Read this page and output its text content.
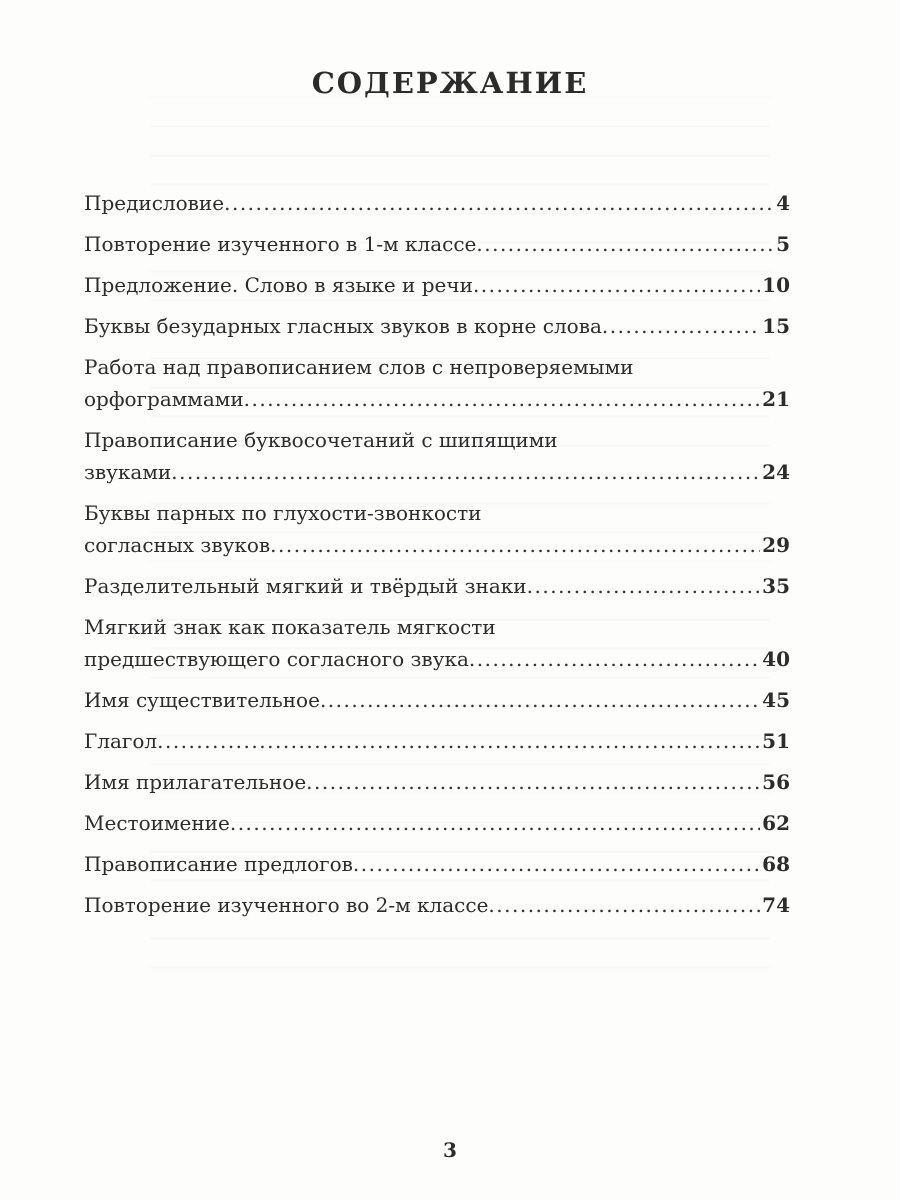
СОДЕРЖАНИЕ
Предисловие .....	4
Повторение изученного в 1-м классе .....	5
Предложение. Слово в языке и речи .....	10
Буквы безударных гласных звуков в корне слова .....	15
Работа над правописанием слов с непроверяемыми
орфограммами .....	21
Правописание буквосочетаний с шипящими
звуками .....	24
Буквы парных по глухости-звонкости
согласных звуков .....	29
Разделительный мягкий и твёрдый знаки .....	35
Мягкий знак как показатель мягкости
предшествующего согласного звука .....	40
Имя существительное .....	45
Глагол .....	51
Имя прилагательное .....	56
Местоимение .....	62
Правописание предлогов .....	68
Повторение изученного во 2-м классе .....	74
3
